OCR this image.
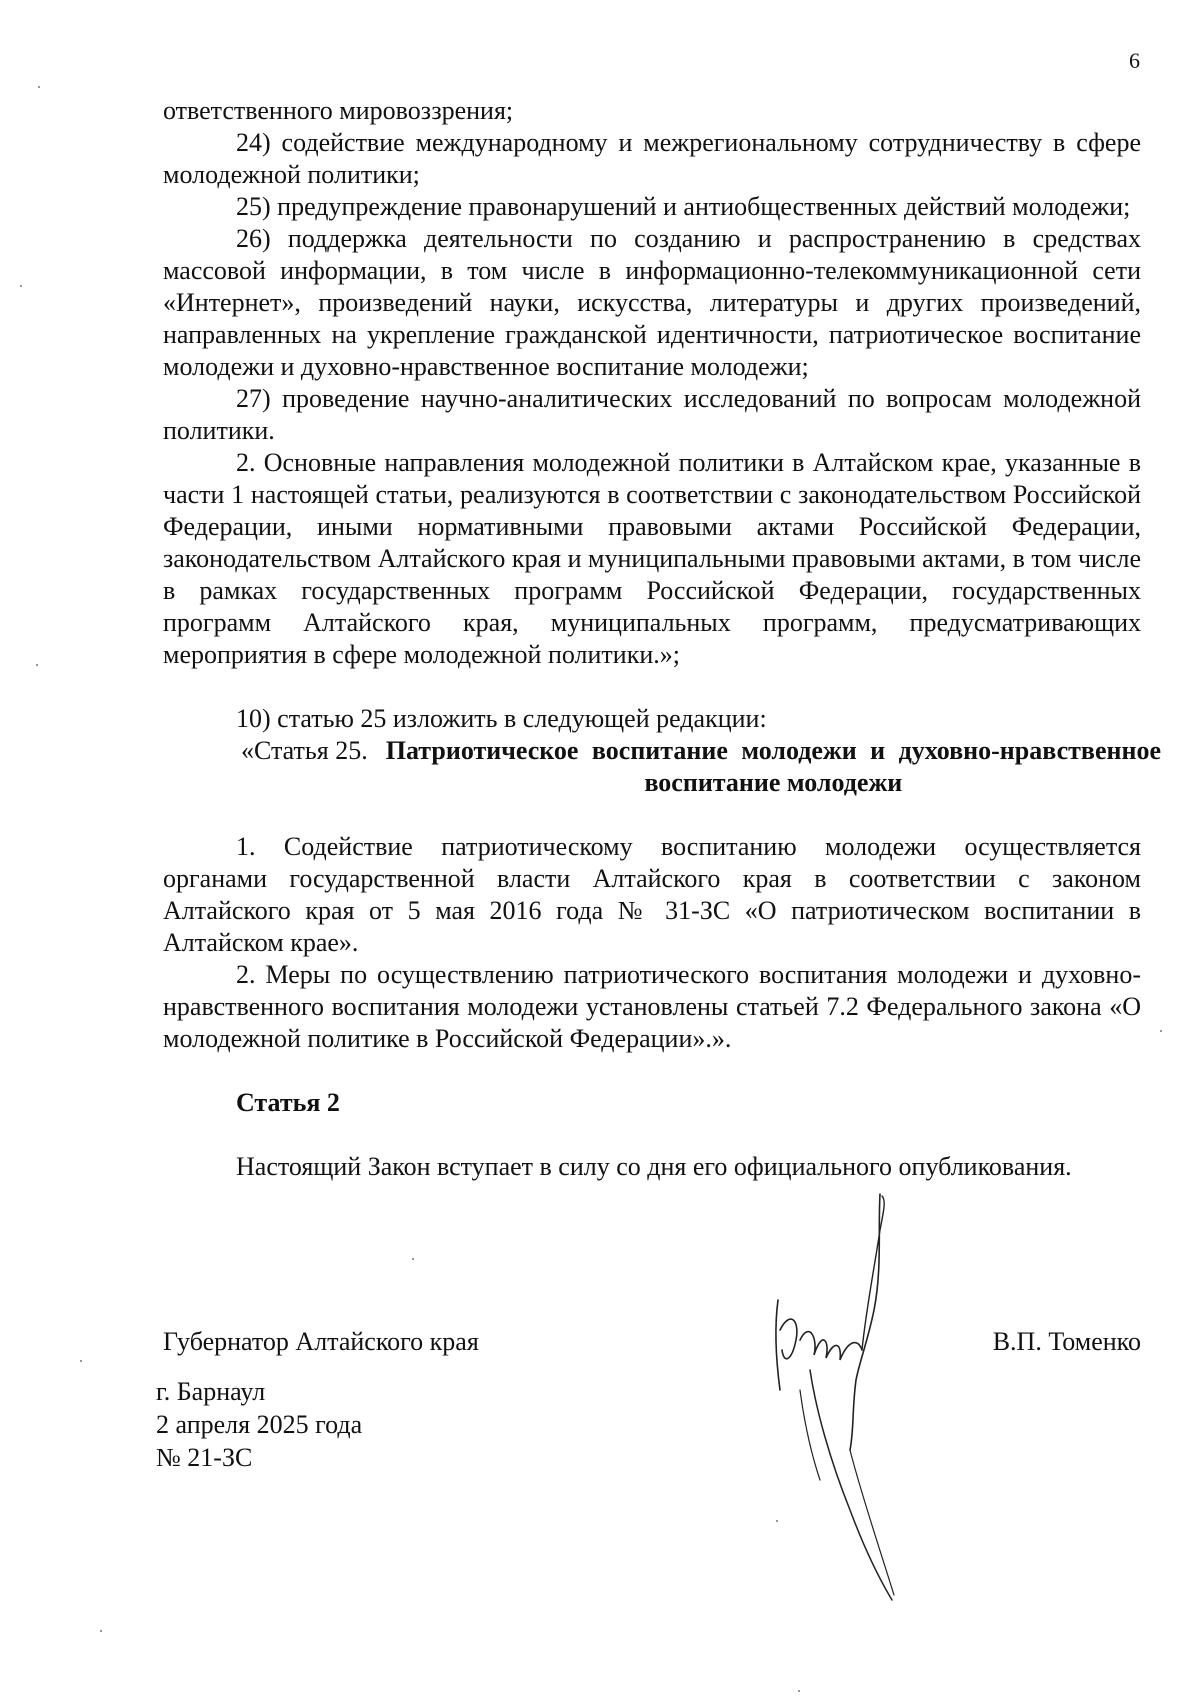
6

ответственного мировоззрения;

24) содействие международному и межрегиональному сотрудничеству в сфере молодежной политики;

25) предупреждение правонарушений и антиобщественных действий молодежи;

26) поддержка деятельности по созданию и распространению в средствах массовой информации, в том числе в информационно-телекоммуникационной сети «Интернет», произведений науки, искусства, литературы и других произведений, направленных на укрепление гражданской идентичности, патриотическое воспитание молодежи и духовно-нравственное воспитание молодежи;

27) проведение научно-аналитических исследований по вопросам молодежной политики.

2. Основные направления молодежной политики в Алтайском крае, указанные в части 1 настоящей статьи, реализуются в соответствии с законодательством Российской Федерации, иными нормативными правовыми актами Российской Федерации, законодательством Алтайского края и муниципальными правовыми актами, в том числе в рамках государственных программ Российской Федерации, государственных программ Алтайского края, муниципальных программ, предусматривающих мероприятия в сфере молодежной политики.»;

10) статью 25 изложить в следующей редакции:

«Статья 25. Патриотическое воспитание молодежи и духовно-нравственное воспитание молодежи

1. Содействие патриотическому воспитанию молодежи осуществляется органами государственной власти Алтайского края в соответствии с законом Алтайского края от 5 мая 2016 года № 31-ЗС «О патриотическом воспитании в Алтайском крае».

2. Меры по осуществлению патриотического воспитания молодежи и духовно-нравственного воспитания молодежи установлены статьей 7.2 Федерального закона «О молодежной политике в Российской Федерации».».

Статья 2

Настоящий Закон вступает в силу со дня его официального опубликования.

Губернатор Алтайского края	В.П. Томенко
г. Барнаул
2 апреля 2025 года
№ 21-ЗС
